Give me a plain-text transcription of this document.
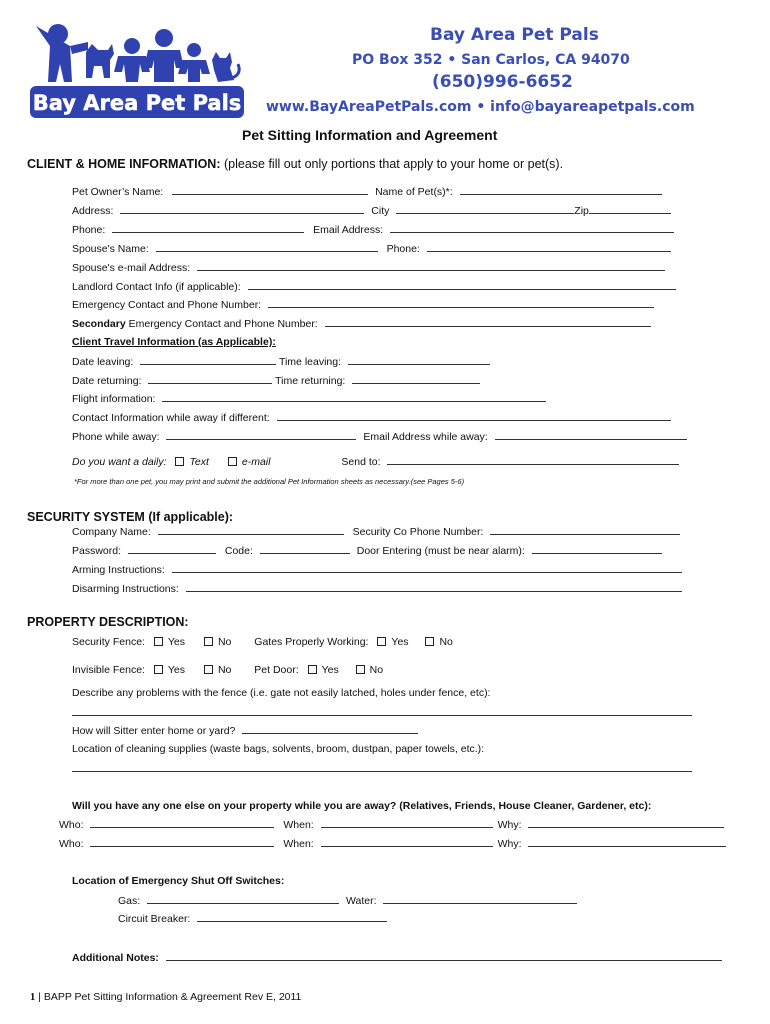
Bay Area Pet Pals
Bay Area Pet Pals
PO Box 352 • San Carlos, CA 94070
(650)996-6652
www.BayAreaPetPals.com • info@bayareapetpals.com
Pet Sitting Information and Agreement
CLIENT & HOME INFORMATION: (please fill out only portions that apply to your home or pet(s).
Pet Owner’s Name:	Name of Pet(s)*:
Address:	City	Zip
Phone:	Email Address:
Spouse's Name:	Phone:
Spouse's e-mail Address:
Landlord Contact Info (if applicable):
Emergency Contact and Phone Number:
Secondary Emergency Contact and Phone Number:
Client Travel Information (as Applicable):
Date leaving:	Time leaving:
Date returning:	Time returning:
Flight information:
Contact Information while away if different:
Phone while away:	Email Address while away:
Do you want a daily: Text	e-mail	Send to:
*For more than one pet, you may print and submit the additional Pet Information sheets as necessary.(see Pages 5-6)
SECURITY SYSTEM (If applicable):
Company Name:	Security Co Phone Number:
Password:	Code:	Door Entering (must be near alarm):
Arming Instructions:
Disarming Instructions:
PROPERTY DESCRIPTION:
Security Fence: Yes	No Gates Properly Working: Yes	No
Invisible Fence: Yes	No Pet Door: Yes	No
Describe any problems with the fence (i.e. gate not easily latched, holes under fence, etc):
How will Sitter enter home or yard?
Location of cleaning supplies (waste bags, solvents, broom, dustpan, paper towels, etc.):
Will you have any one else on your property while you are away? (Relatives, Friends, House Cleaner, Gardener, etc):
Who:	When:	Why:
Who:	When:	Why:
Location of Emergency Shut Off Switches:
Gas:	Water:
Circuit Breaker:
Additional Notes:
1 | BAPP Pet Sitting Information & Agreement Rev E, 2011
